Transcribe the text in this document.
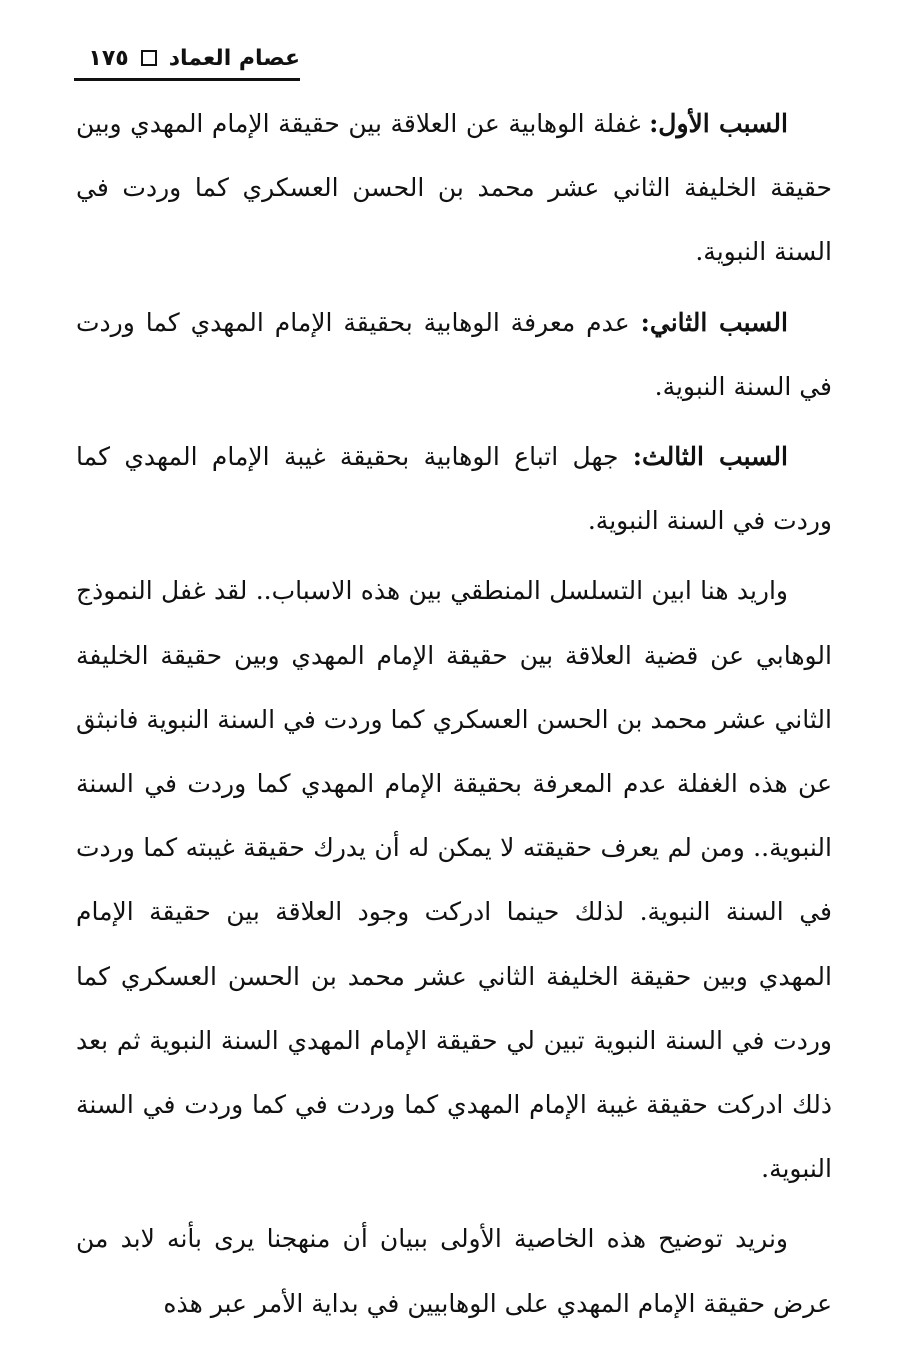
عصام العماد
١٧٥

السبب الأول: غفلة الوهابية عن العلاقة بين حقيقة الإمام المهدي وبين حقيقة الخليفة الثاني عشر محمد بن الحسن العسكري كما وردت في السنة النبوية.

السبب الثاني: عدم معرفة الوهابية بحقيقة الإمام المهدي كما وردت في السنة النبوية.

السبب الثالث: جهل اتباع الوهابية بحقيقة غيبة الإمام المهدي كما وردت في السنة النبوية.

واريد هنا ابين التسلسل المنطقي بين هذه الاسباب.. لقد غفل النموذج الوهابي عن قضية العلاقة بين حقيقة الإمام المهدي وبين حقيقة الخليفة الثاني عشر محمد بن الحسن العسكري كما وردت في السنة النبوية فانبثق عن هذه الغفلة عدم المعرفة بحقيقة الإمام المهدي كما وردت في السنة النبوية.. ومن لم يعرف حقيقته لا يمكن له أن يدرك حقيقة غيبته كما وردت في السنة النبوية. لذلك حينما ادركت وجود العلاقة بين حقيقة الإمام المهدي وبين حقيقة الخليفة الثاني عشر محمد بن الحسن العسكري كما وردت في السنة النبوية تبين لي حقيقة الإمام المهدي السنة النبوية ثم بعد ذلك ادركت حقيقة غيبة الإمام المهدي كما وردت في كما وردت في السنة النبوية.

ونريد توضيح هذه الخاصية الأولى ببيان أن منهجنا يرى بأنه لابد من عرض حقيقة الإمام المهدي على الوهابيين في بداية الأمر عبر هذه
